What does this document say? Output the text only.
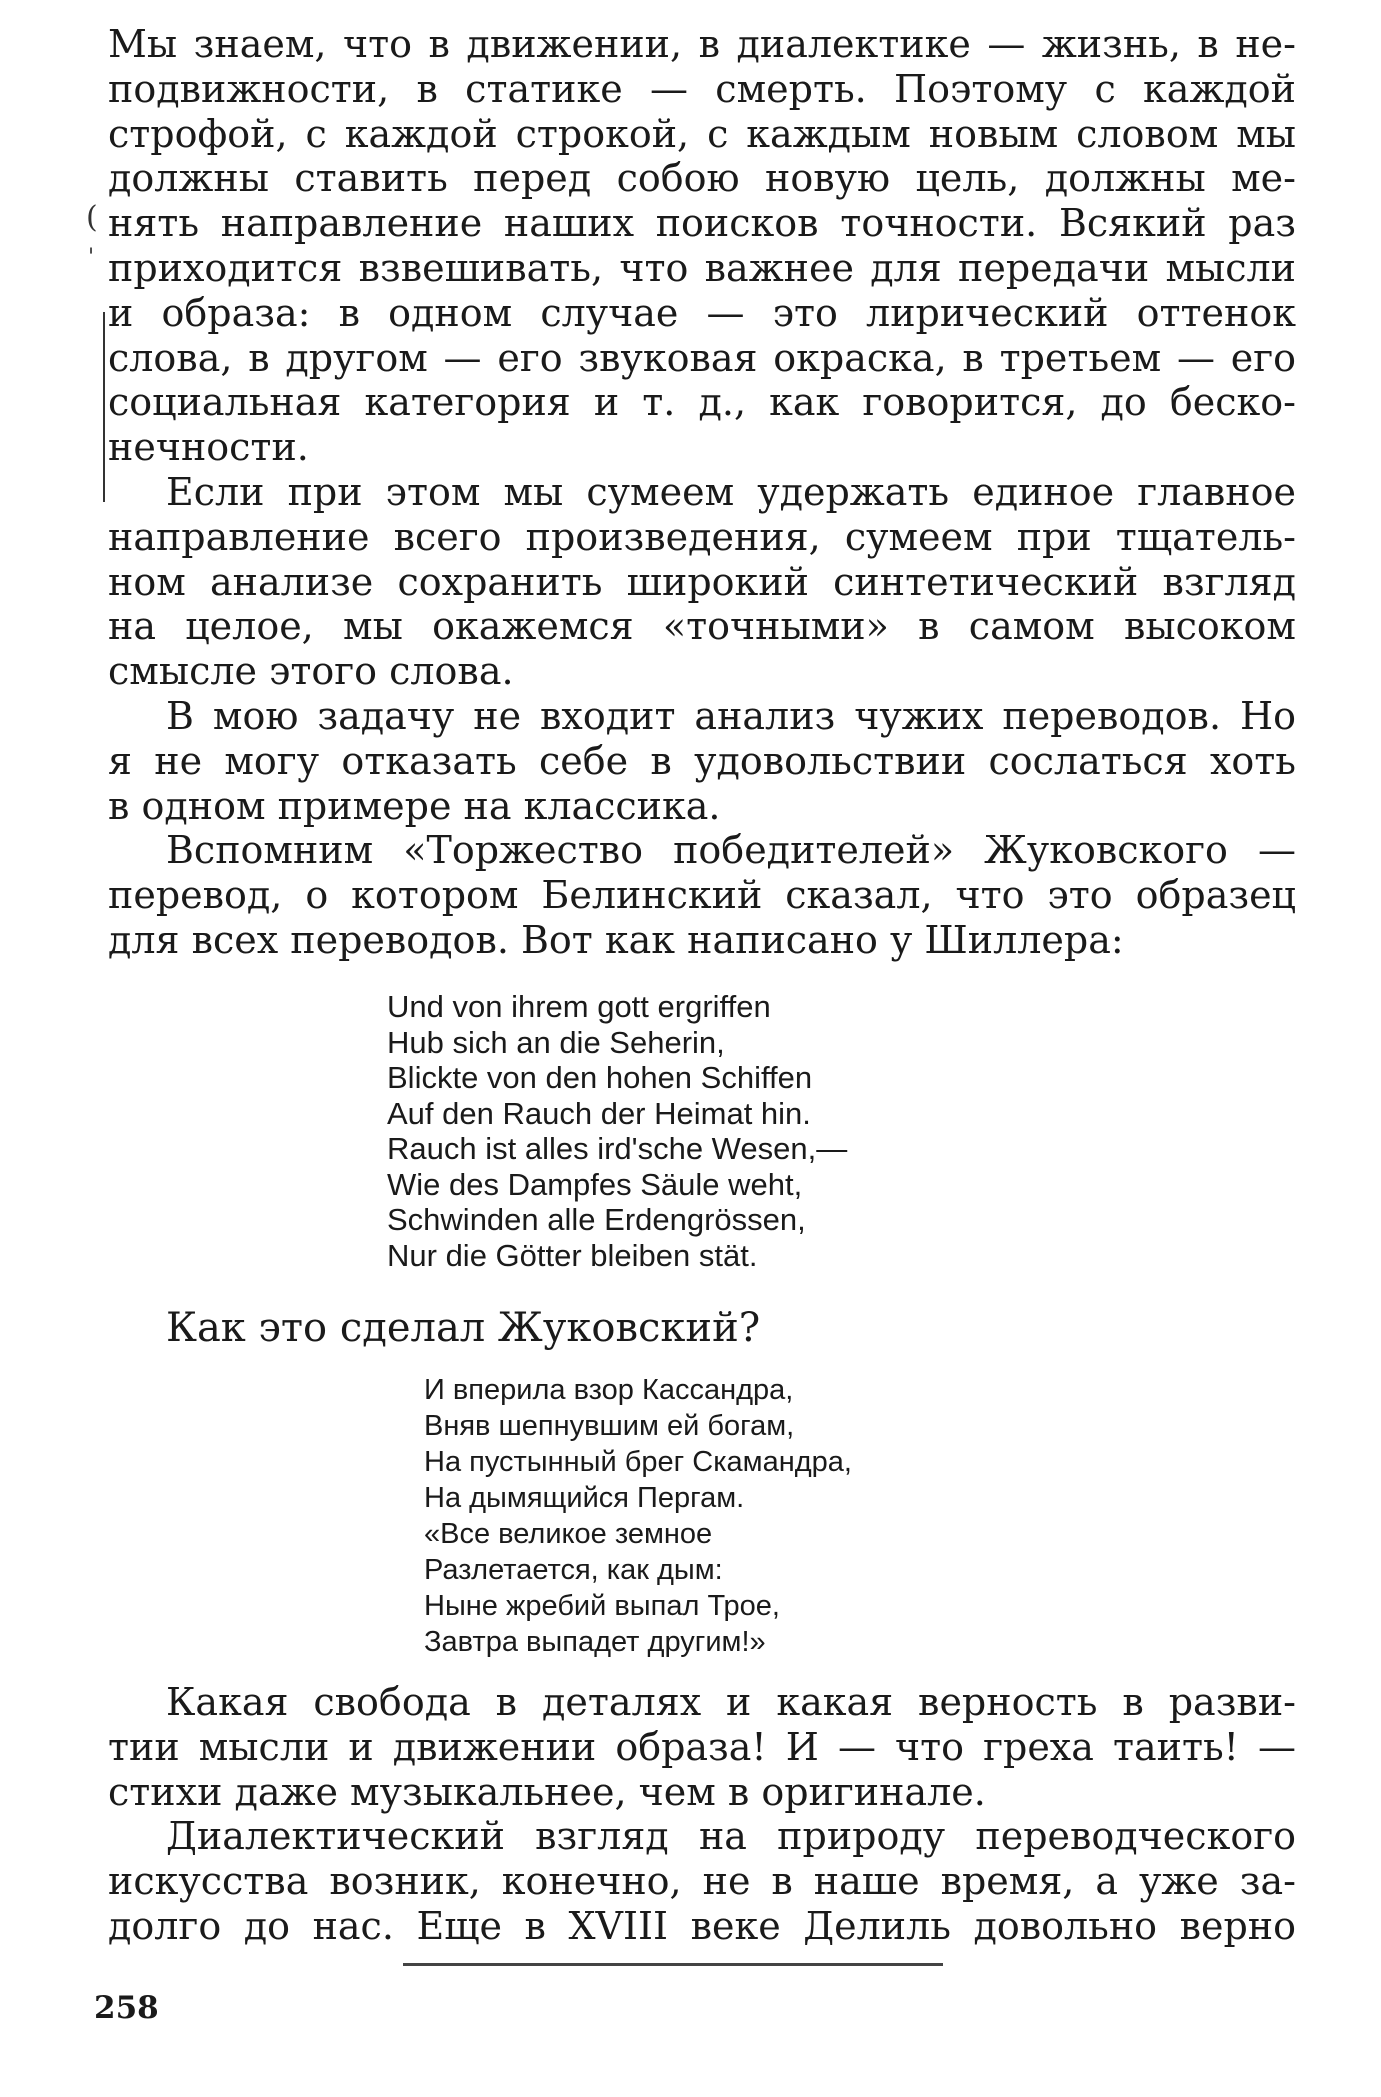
Мы знаем, что в движении, в диалектике — жизнь, в не-
подвижности, в статике — смерть. Поэтому с каждой
строфой, с каждой строкой, с каждым новым словом мы
должны ставить перед собою новую цель, должны ме-
нять направление наших поисков точности. Всякий раз
приходится взвешивать, что важнее для передачи мысли
и образа: в одном случае — это лирический оттенок
слова, в другом — его звуковая окраска, в третьем — его
социальная категория и т. д., как говорится, до беско-
нечности.
Если при этом мы сумеем удержать единое главное
направление всего произведения, сумеем при тщатель-
ном анализе сохранить широкий синтетический взгляд
на целое, мы окажемся «точными» в самом высоком
смысле этого слова.
В мою задачу не входит анализ чужих переводов. Но
я не могу отказать себе в удовольствии сослаться хоть
в одном примере на классика.
Вспомним «Торжество победителей» Жуковского —
перевод, о котором Белинский сказал, что это образец
для всех переводов. Вот как написано у Шиллера:
Und von ihrem gott ergriffen
Hub sich an die Seherin,
Blickte von den hohen Schiffen
Auf den Rauch der Heimat hin.
Rauch ist alles ird'sche Wesen,—
Wie des Dampfes Säule weht,
Schwinden alle Erdengrössen,
Nur die Götter bleiben stät.
Как это сделал Жуковский?
И вперила взор Кассандра,
Вняв шепнувшим ей богам,
На пустынный брег Скамандра,
На дымящийся Пергам.
«Все великое земное
Разлетается, как дым:
Ныне жребий выпал Трое,
Завтра выпадет другим!»
Какая свобода в деталях и какая верность в разви-
тии мысли и движении образа! И — что греха таить! —
стихи даже музыкальнее, чем в оригинале.
Диалектический взгляд на природу переводческого
искусства возник, конечно, не в наше время, а уже за-
долго до нас. Еще в XVIII веке Делиль довольно верно
(
'
258
